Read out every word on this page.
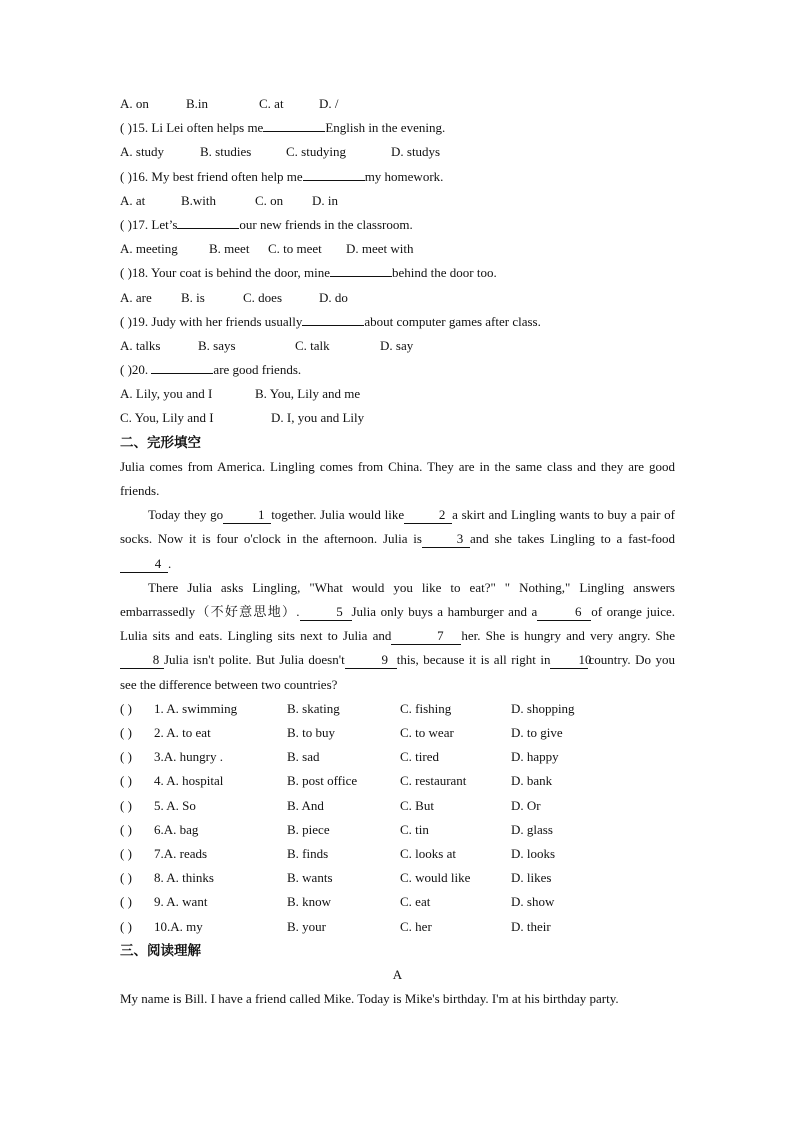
A. on	B.in	C. at	D. /
( )15. Li Lei often helps me	English in the evening.
A. study	B. studies	C. studying	D. studys
( )16. My best friend often help me	my homework.
A. at	B.with	C. on D. in
( )17. Let’s	our new friends in the classroom.
A. meeting B. meet C. to meet D. meet with
( )18. Your coat is behind the door, mine	behind the door too.
A. are B. is	C. does	D. do
( )19. Judy with her friends usually	about computer games after class.
A. talks	B. says	C. talk	D. say
( )20.	are good friends.
A. Lily, you and I	B. You, Lily and me
C. You, Lily and I	D. I, you and Lily
二、完形填空
Julia comes from America. Lingling comes from China. They are in the same class and they are good friends.
Today they go	1 together. Julia would like	2 a skirt and Lingling wants to buy a pair of socks. Now it is four o'clock in the afternoon. Julia is	3 and she takes Lingling to a fast-food4 .
There Julia asks Lingling, "What would you like to eat?" " Nothing," Lingling answers embarrassedly（不好意思地）.	5 Julia only buys a hamburger and a	6 of orange juice. Lulia sits and eats. Lingling sits next to Julia and	7 her. She is hungry and very angry. She8 Julia isn't polite. But Julia doesn't	9 this, because it is all right in 10country. Do you see the difference between two countries?
( ) 1. A. swimming	B. skating	C. fishing	D. shopping
( ) 2. A. to eat	B. to buy	C. to wear	D. to give
( ) 3.A. hungry .	B. sad	C. tired	D. happy
( ) 4. A. hospital	B. post office	C. restaurant	D. bank
( ) 5. A. So	B. And	C. But	D. Or
( ) 6.A. bag	B. piece	C. tin	D. glass
( ) 7.A. reads	B. finds	C. looks at	D. looks
( ) 8. A. thinks	B. wants	C. would like	D. likes
( ) 9. A. want	B. know	C. eat	D. show
( ) 10.A. my	B. your	C. her	D. their
三、阅读理解
A
My name is Bill. I have a friend called Mike. Today is Mike's birthday. I'm at his birthday party.
